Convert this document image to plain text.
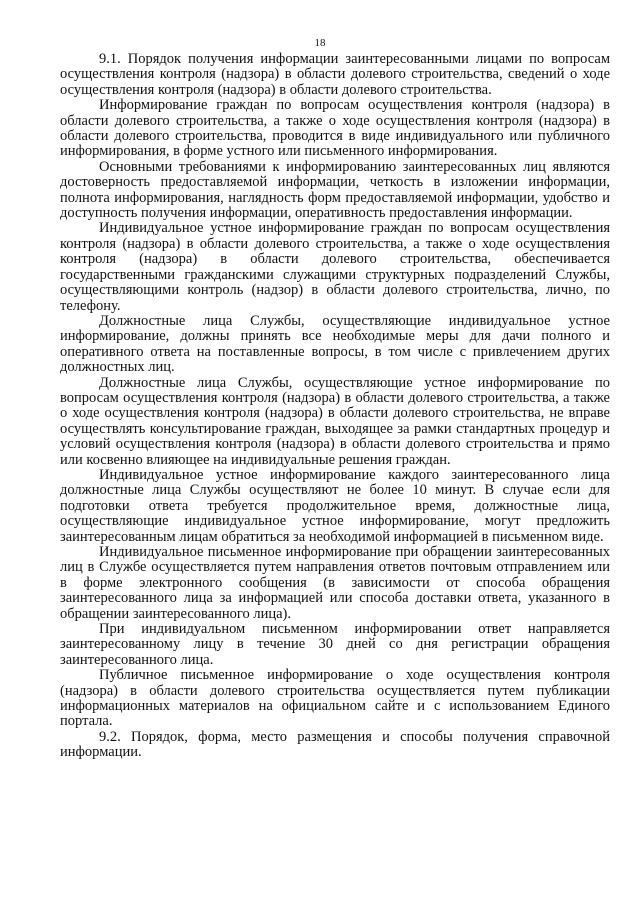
18

9.1. Порядок получения информации заинтересованными лицами по вопросам осуществления контроля (надзора) в области долевого строительства, сведений о ходе осуществления контроля (надзора) в области долевого строительства.

Информирование граждан по вопросам осуществления контроля (надзора) в области долевого строительства, а также о ходе осуществления контроля (надзора) в области долевого строительства, проводится в виде индивидуального или публичного информирования, в форме устного или письменного информирования.

Основными требованиями к информированию заинтересованных лиц являются достоверность предоставляемой информации, четкость в изложении информации, полнота информирования, наглядность форм предоставляемой информации, удобство и доступность получения информации, оперативность предоставления информации.

Индивидуальное устное информирование граждан по вопросам осуществления контроля (надзора) в области долевого строительства, а также о ходе осуществления контроля (надзора) в области долевого строительства, обеспечивается государственными гражданскими служащими структурных подразделений Службы, осуществляющими контроль (надзор) в области долевого строительства, лично, по телефону.

Должностные лица Службы, осуществляющие индивидуальное устное информирование, должны принять все необходимые меры для дачи полного и оперативного ответа на поставленные вопросы, в том числе с привлечением других должностных лиц.

Должностные лица Службы, осуществляющие устное информирование по вопросам осуществления контроля (надзора) в области долевого строительства, а также о ходе осуществления контроля (надзора) в области долевого строительства, не вправе осуществлять консультирование граждан, выходящее за рамки стандартных процедур и условий осуществления контроля (надзора) в области долевого строительства и прямо или косвенно влияющее на индивидуальные решения граждан.

Индивидуальное устное информирование каждого заинтересованного лица должностные лица Службы осуществляют не более 10 минут. В случае если для подготовки ответа требуется продолжительное время, должностные лица, осуществляющие индивидуальное устное информирование, могут предложить заинтересованным лицам обратиться за необходимой информацией в письменном виде.

Индивидуальное письменное информирование при обращении заинтересованных лиц в Службе осуществляется путем направления ответов почтовым отправлением или в форме электронного сообщения (в зависимости от способа обращения заинтересованного лица за информацией или способа доставки ответа, указанного в обращении заинтересованного лица).

При индивидуальном письменном информировании ответ направляется заинтересованному лицу в течение 30 дней со дня регистрации обращения заинтересованного лица.

Публичное письменное информирование о ходе осуществления контроля (надзора) в области долевого строительства осуществляется путем публикации информационных материалов на официальном сайте и с использованием Единого портала.

9.2. Порядок, форма, место размещения и способы получения справочной информации.
